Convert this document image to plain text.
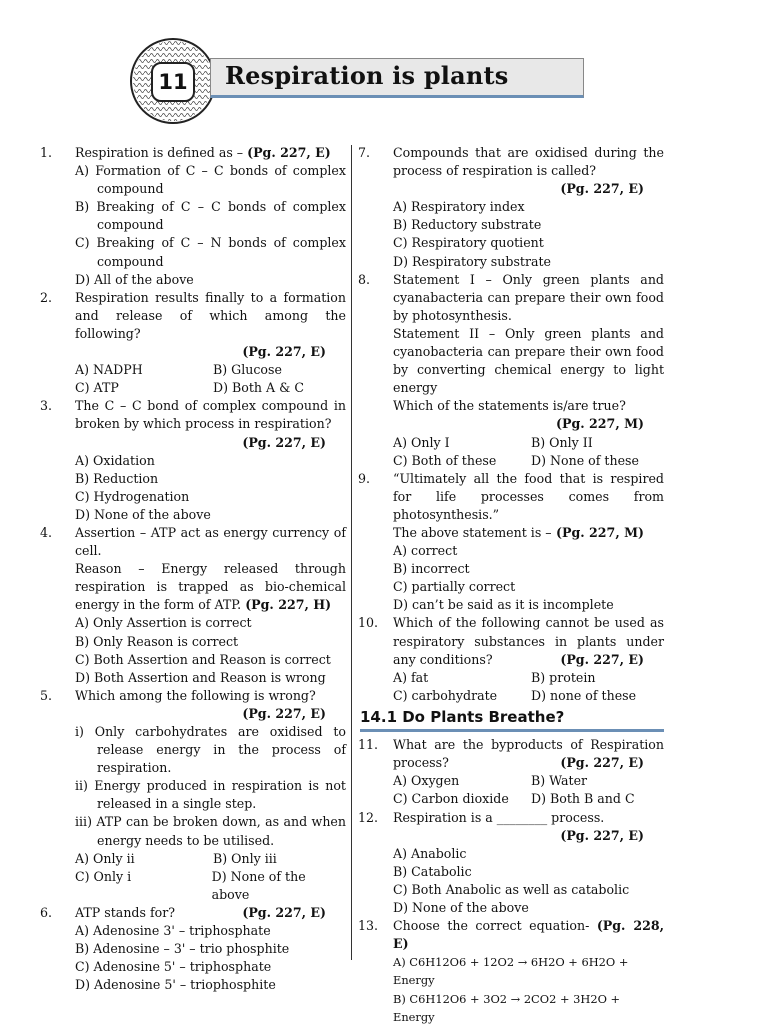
11	Respiration is plants
1.	Respiration is defined as – (Pg. 227, E)
A) Formation of C – C bonds of complex compound
B) Breaking of C – C bonds of complex compound
C) Breaking of C – N bonds of complex compound
D) All of the above
2.	Respiration results finally to a formation and release of which among the following?
(Pg. 227, E)
A) NADPH	B) Glucose
C) ATP	D) Both A & C
3.	The C – C bond of complex compound in broken by which process in respiration?
(Pg. 227, E)
A) Oxidation
B) Reduction
C) Hydrogenation
D) None of the above
4.	Assertion – ATP act as energy currency of cell.
Reason – Energy released through respiration is trapped as bio-chemical energy in the form of ATP. (Pg. 227, H)
A) Only Assertion is correct
B) Only Reason is correct
C) Both Assertion and Reason is correct
D) Both Assertion and Reason is wrong
5.	Which among the following is wrong?
(Pg. 227, E)
i) Only carbohydrates are oxidised to release energy in the process of respiration.
ii) Energy produced in respiration is not released in a single step.
iii) ATP can be broken down, as and when energy needs to be utilised.
A) Only ii	B) Only iii
C) Only i	D) None of the above
6.	ATP stands for?	(Pg. 227, E)
A) Adenosine 3' – triphosphate
B) Adenosine – 3' – trio phosphite
C) Adenosine 5' – triphosphate
D) Adenosine 5' – triophosphite
7.	Compounds that are oxidised during the process of respiration is called?
(Pg. 227, E)
A) Respiratory index
B) Reductory substrate
C) Respiratory quotient
D) Respiratory substrate
8.	Statement I – Only green plants and cyanabacteria can prepare their own food by photosynthesis.
Statement II – Only green plants and cyanobacteria can prepare their own food by converting chemical energy to light energy
Which of the statements is/are true?
(Pg. 227, M)
A) Only I	B) Only II
C) Both of these	D) None of these
9.	“Ultimately all the food that is respired for life processes comes from photosynthesis.”
The above statement is – (Pg. 227, M)
A) correct
B) incorrect
C) partially correct
D) can’t be said as it is incomplete
10.	Which of the following cannot be used as respiratory substances in plants under any conditions?	(Pg. 227, E)
A) fat	B) protein
C) carbohydrate	D) none of these
14.1 Do Plants Breathe?
11.	What are the byproducts of Respiration process?	(Pg. 227, E)
A) Oxygen	B) Water
C) Carbon dioxide	D) Both B and C
12.	Respiration is a ________ process.
(Pg. 227, E)
A) Anabolic
B) Catabolic
C) Both Anabolic as well as catabolic
D) None of the above
13.	Choose the correct equation- (Pg. 228, E)
A) C6H12O6 + 12O2 → 6H2O + 6H2O + Energy
B) C6H12O6 + 3O2 → 2CO2 + 3H2O + Energy
